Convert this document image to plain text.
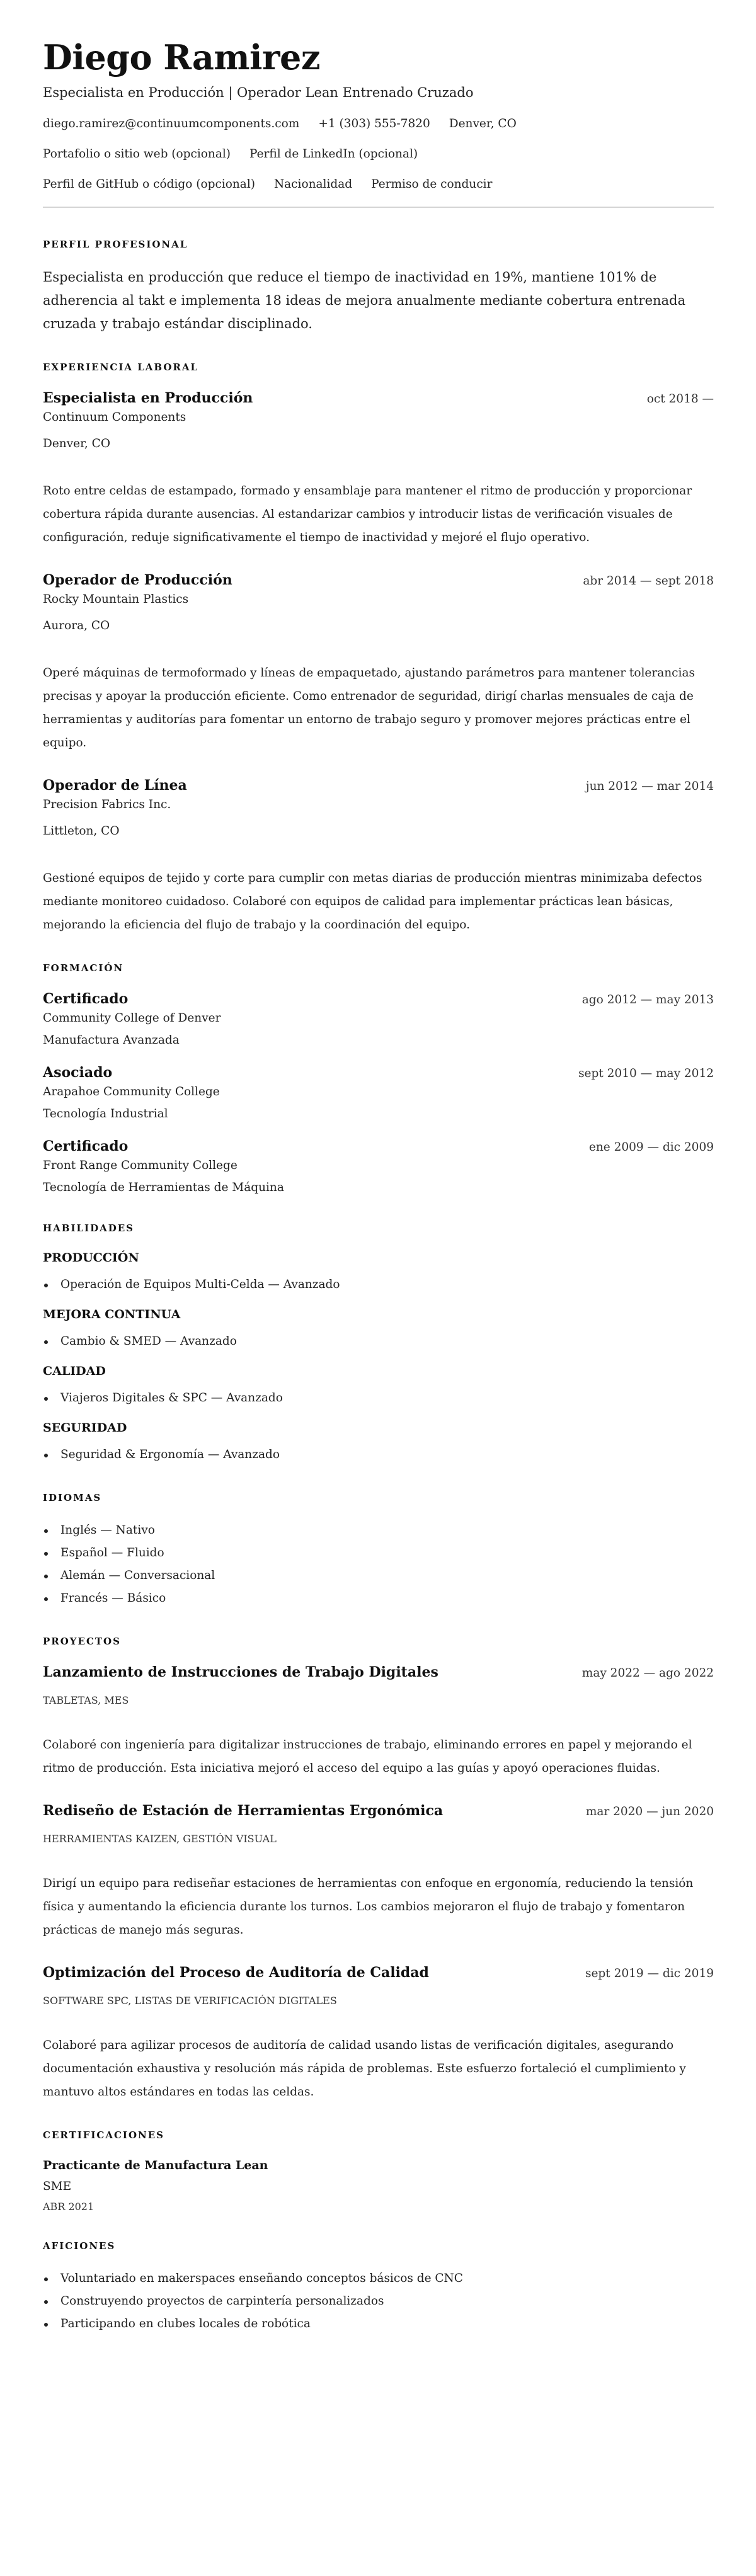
Diego Ramirez
Especialista en Producción | Operador Lean Entrenado Cruzado
diego.ramirez@continuumcomponents.com +1 (303) 555-7820 Denver, CO
Portafolio o sitio web (opcional) Perfil de LinkedIn (opcional)
Perfil de GitHub o código (opcional) Nacionalidad Permiso de conducir
PERFIL PROFESIONAL

Especialista en producción que reduce el tiempo de inactividad en 19%, mantiene 101% de adherencia al takt e implementa 18 ideas de mejora anualmente mediante cobertura entrenada cruzada y trabajo estándar disciplinado.

EXPERIENCIA LABORAL
Especialista en Producción	oct 2018 —
Continuum Components
Denver, CO

Roto entre celdas de estampado, formado y ensamblaje para mantener el ritmo de producción y proporcionar cobertura rápida durante ausencias. Al estandarizar cambios y introducir listas de verificación visuales de configuración, reduje significativamente el tiempo de inactividad y mejoré el flujo operativo.

Operador de Producción	abr 2014 — sept 2018
Rocky Mountain Plastics
Aurora, CO

Operé máquinas de termoformado y líneas de empaquetado, ajustando parámetros para mantener tolerancias precisas y apoyar la producción eficiente. Como entrenador de seguridad, dirigí charlas mensuales de caja de herramientas y auditorías para fomentar un entorno de trabajo seguro y promover mejores prácticas entre el equipo.

Operador de Línea	jun 2012 — mar 2014
Precision Fabrics Inc.
Littleton, CO

Gestioné equipos de tejido y corte para cumplir con metas diarias de producción mientras minimizaba defectos mediante monitoreo cuidadoso. Colaboré con equipos de calidad para implementar prácticas lean básicas, mejorando la eficiencia del flujo de trabajo y la coordinación del equipo.

FORMACIÓN
Certificado	ago 2012 — may 2013
Community College of Denver
Manufactura Avanzada
Asociado	sept 2010 — may 2012
Arapahoe Community College
Tecnología Industrial
Certificado	ene 2009 — dic 2009
Front Range Community College
Tecnología de Herramientas de Máquina
HABILIDADES
PRODUCCIÓN
Operación de Equipos Multi-Celda — Avanzado
MEJORA CONTINUA
Cambio & SMED — Avanzado
CALIDAD
Viajeros Digitales & SPC — Avanzado
SEGURIDAD
Seguridad & Ergonomía — Avanzado
IDIOMAS
Inglés — Nativo
Español — Fluido
Alemán — Conversacional
Francés — Básico
PROYECTOS
Lanzamiento de Instrucciones de Trabajo Digitales	may 2022 — ago 2022
TABLETAS, MES

Colaboré con ingeniería para digitalizar instrucciones de trabajo, eliminando errores en papel y mejorando el ritmo de producción. Esta iniciativa mejoró el acceso del equipo a las guías y apoyó operaciones fluidas.

Rediseño de Estación de Herramientas Ergonómica	mar 2020 — jun 2020
HERRAMIENTAS KAIZEN, GESTIÓN VISUAL

Dirigí un equipo para rediseñar estaciones de herramientas con enfoque en ergonomía, reduciendo la tensión física y aumentando la eficiencia durante los turnos. Los cambios mejoraron el flujo de trabajo y fomentaron prácticas de manejo más seguras.

Optimización del Proceso de Auditoría de Calidad	sept 2019 — dic 2019
SOFTWARE SPC, LISTAS DE VERIFICACIÓN DIGITALES

Colaboré para agilizar procesos de auditoría de calidad usando listas de verificación digitales, asegurando documentación exhaustiva y resolución más rápida de problemas. Este esfuerzo fortaleció el cumplimiento y mantuvo altos estándares en todas las celdas.

CERTIFICACIONES
Practicante de Manufactura Lean
SME
ABR 2021
AFICIONES
Voluntariado en makerspaces enseñando conceptos básicos de CNC
Construyendo proyectos de carpintería personalizados
Participando en clubes locales de robótica
